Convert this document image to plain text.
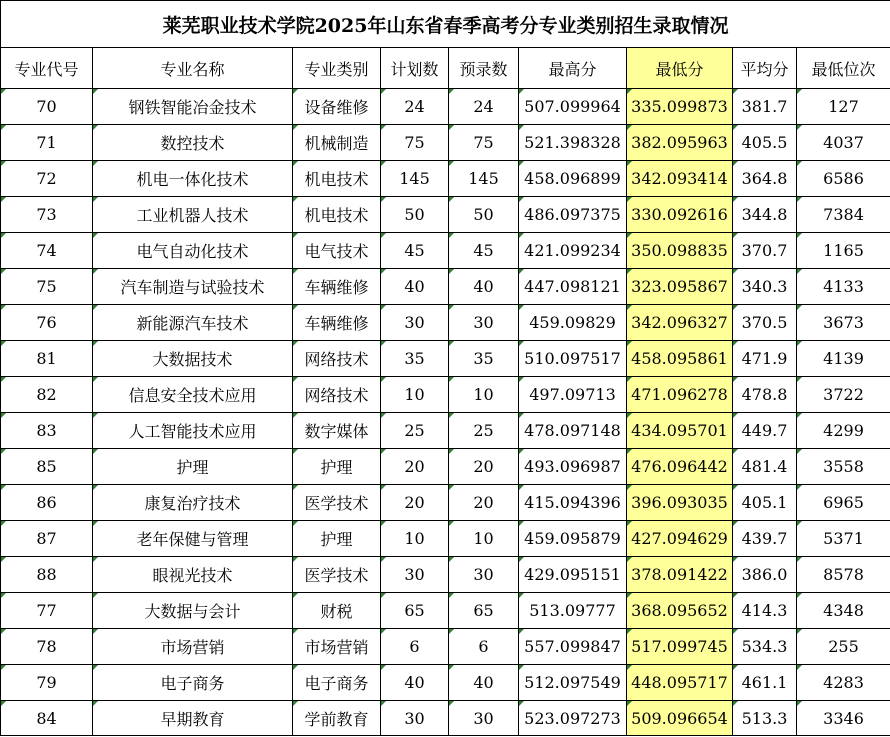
莱芜职业技术学院2025年山东省春季高考分专业类别招生录取情况								
专业代号	专业名称	专业类别	计划数	预录数	最高分	最低分	平均分	最低位次
70	钢铁智能冶金技术	设备维修	24	24	507.099964	335.099873	381.7	127
71	数控技术	机械制造	75	75	521.398328	382.095963	405.5	4037
72	机电一体化技术	机电技术	145	145	458.096899	342.093414	364.8	6586
73	工业机器人技术	机电技术	50	50	486.097375	330.092616	344.8	7384
74	电气自动化技术	电气技术	45	45	421.099234	350.098835	370.7	1165
75	汽车制造与试验技术	车辆维修	40	40	447.098121	323.095867	340.3	4133
76	新能源汽车技术	车辆维修	30	30	459.09829	342.096327	370.5	3673
81	大数据技术	网络技术	35	35	510.097517	458.095861	471.9	4139
82	信息安全技术应用	网络技术	10	10	497.09713	471.096278	478.8	3722
83	人工智能技术应用	数字媒体	25	25	478.097148	434.095701	449.7	4299
85	护理	护理	20	20	493.096987	476.096442	481.4	3558
86	康复治疗技术	医学技术	20	20	415.094396	396.093035	405.1	6965
87	老年保健与管理	护理	10	10	459.095879	427.094629	439.7	5371
88	眼视光技术	医学技术	30	30	429.095151	378.091422	386.0	8578
77	大数据与会计	财税	65	65	513.09777	368.095652	414.3	4348
78	市场营销	市场营销	6	6	557.099847	517.099745	534.3	255
79	电子商务	电子商务	40	40	512.097549	448.095717	461.1	4283
84	早期教育	学前教育	30	30	523.097273	509.096654	513.3	3346
